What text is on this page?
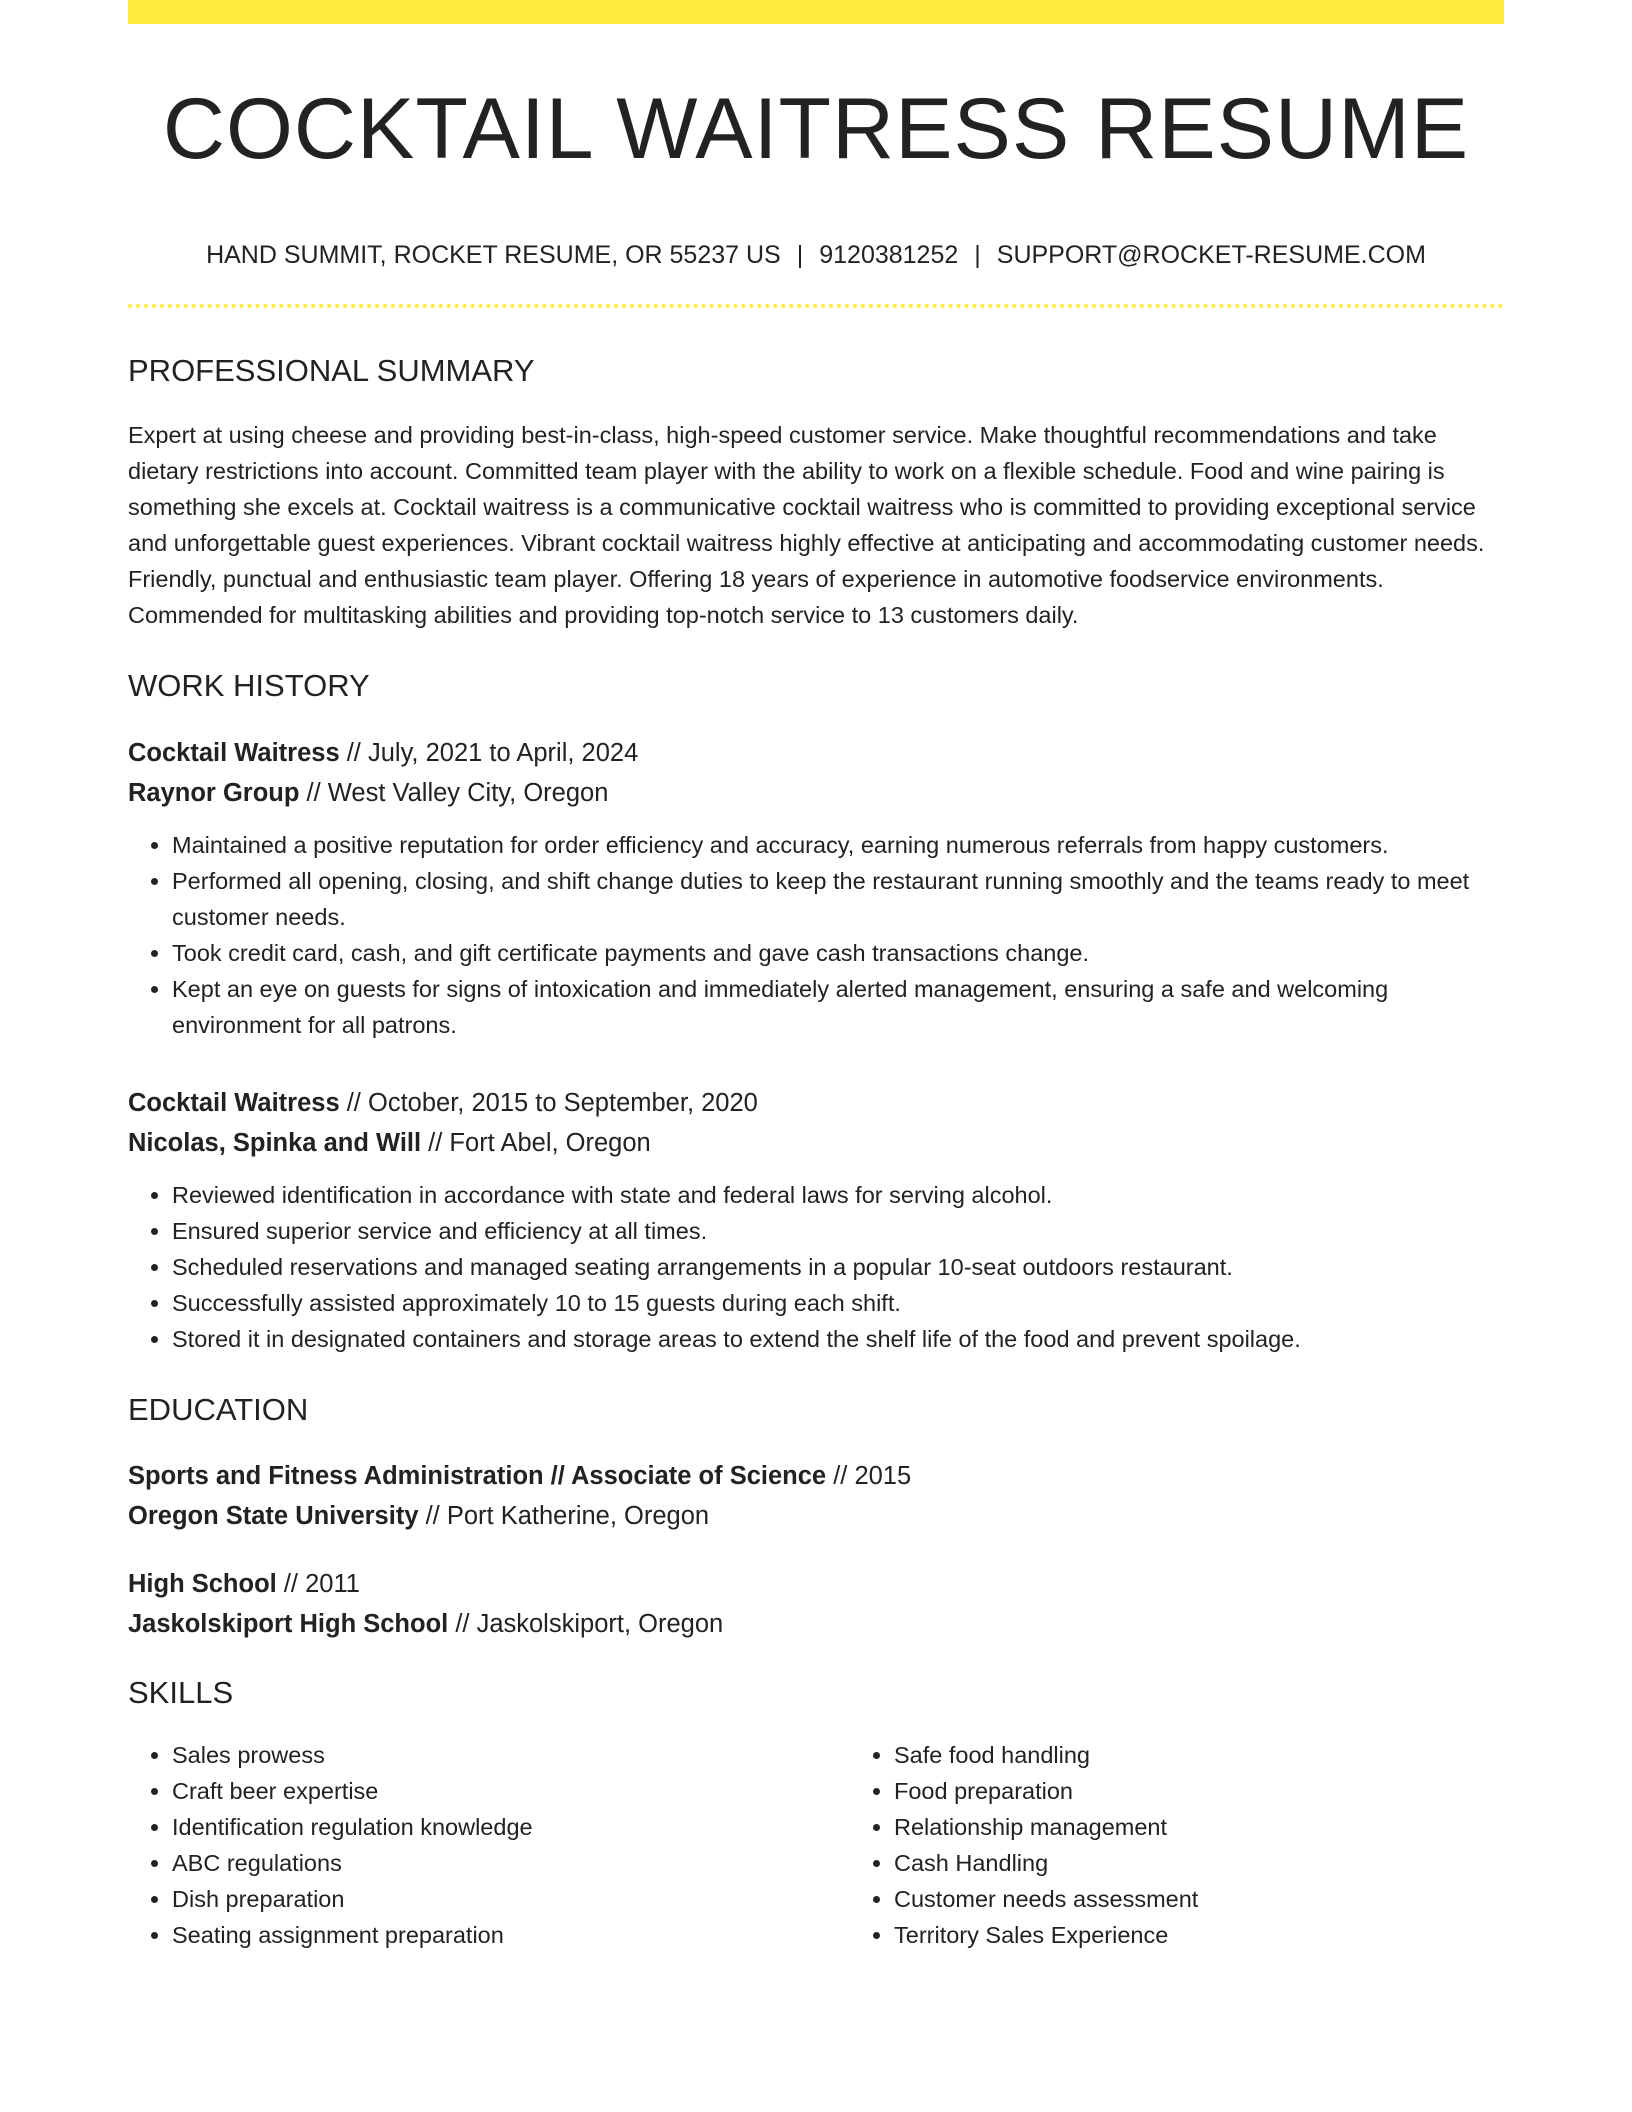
COCKTAIL WAITRESS RESUME
HAND SUMMIT, ROCKET RESUME, OR 55237 US | 9120381252 | SUPPORT@ROCKET-RESUME.COM
PROFESSIONAL SUMMARY

Expert at using cheese and providing best-in-class, high-speed customer service. Make thoughtful recommendations and take dietary restrictions into account. Committed team player with the ability to work on a flexible schedule. Food and wine pairing is something she excels at. Cocktail waitress is a communicative cocktail waitress who is committed to providing exceptional service and unforgettable guest experiences. Vibrant cocktail waitress highly effective at anticipating and accommodating customer needs. Friendly, punctual and enthusiastic team player. Offering 18 years of experience in automotive foodservice environments. Commended for multitasking abilities and providing top-notch service to 13 customers daily.

WORK HISTORY
Cocktail Waitress // July, 2021 to April, 2024
Raynor Group // West Valley City, Oregon
• Maintained a positive reputation for order efficiency and accuracy, earning numerous referrals from happy customers.
• Performed all opening, closing, and shift change duties to keep the restaurant running smoothly and the teams ready to meet customer needs.
• Took credit card, cash, and gift certificate payments and gave cash transactions change.
• Kept an eye on guests for signs of intoxication and immediately alerted management, ensuring a safe and welcoming environment for all patrons.
Cocktail Waitress // October, 2015 to September, 2020
Nicolas, Spinka and Will // Fort Abel, Oregon
• Reviewed identification in accordance with state and federal laws for serving alcohol.
• Ensured superior service and efficiency at all times.
• Scheduled reservations and managed seating arrangements in a popular 10-seat outdoors restaurant.
• Successfully assisted approximately 10 to 15 guests during each shift.
• Stored it in designated containers and storage areas to extend the shelf life of the food and prevent spoilage.
EDUCATION
Sports and Fitness Administration // Associate of Science // 2015
Oregon State University // Port Katherine, Oregon
High School // 2011
Jaskolskiport High School // Jaskolskiport, Oregon
SKILLS
• Sales prowess
• Craft beer expertise
• Identification regulation knowledge
• ABC regulations
• Dish preparation
• Seating assignment preparation
• Safe food handling
• Food preparation
• Relationship management
• Cash Handling
• Customer needs assessment
• Territory Sales Experience
